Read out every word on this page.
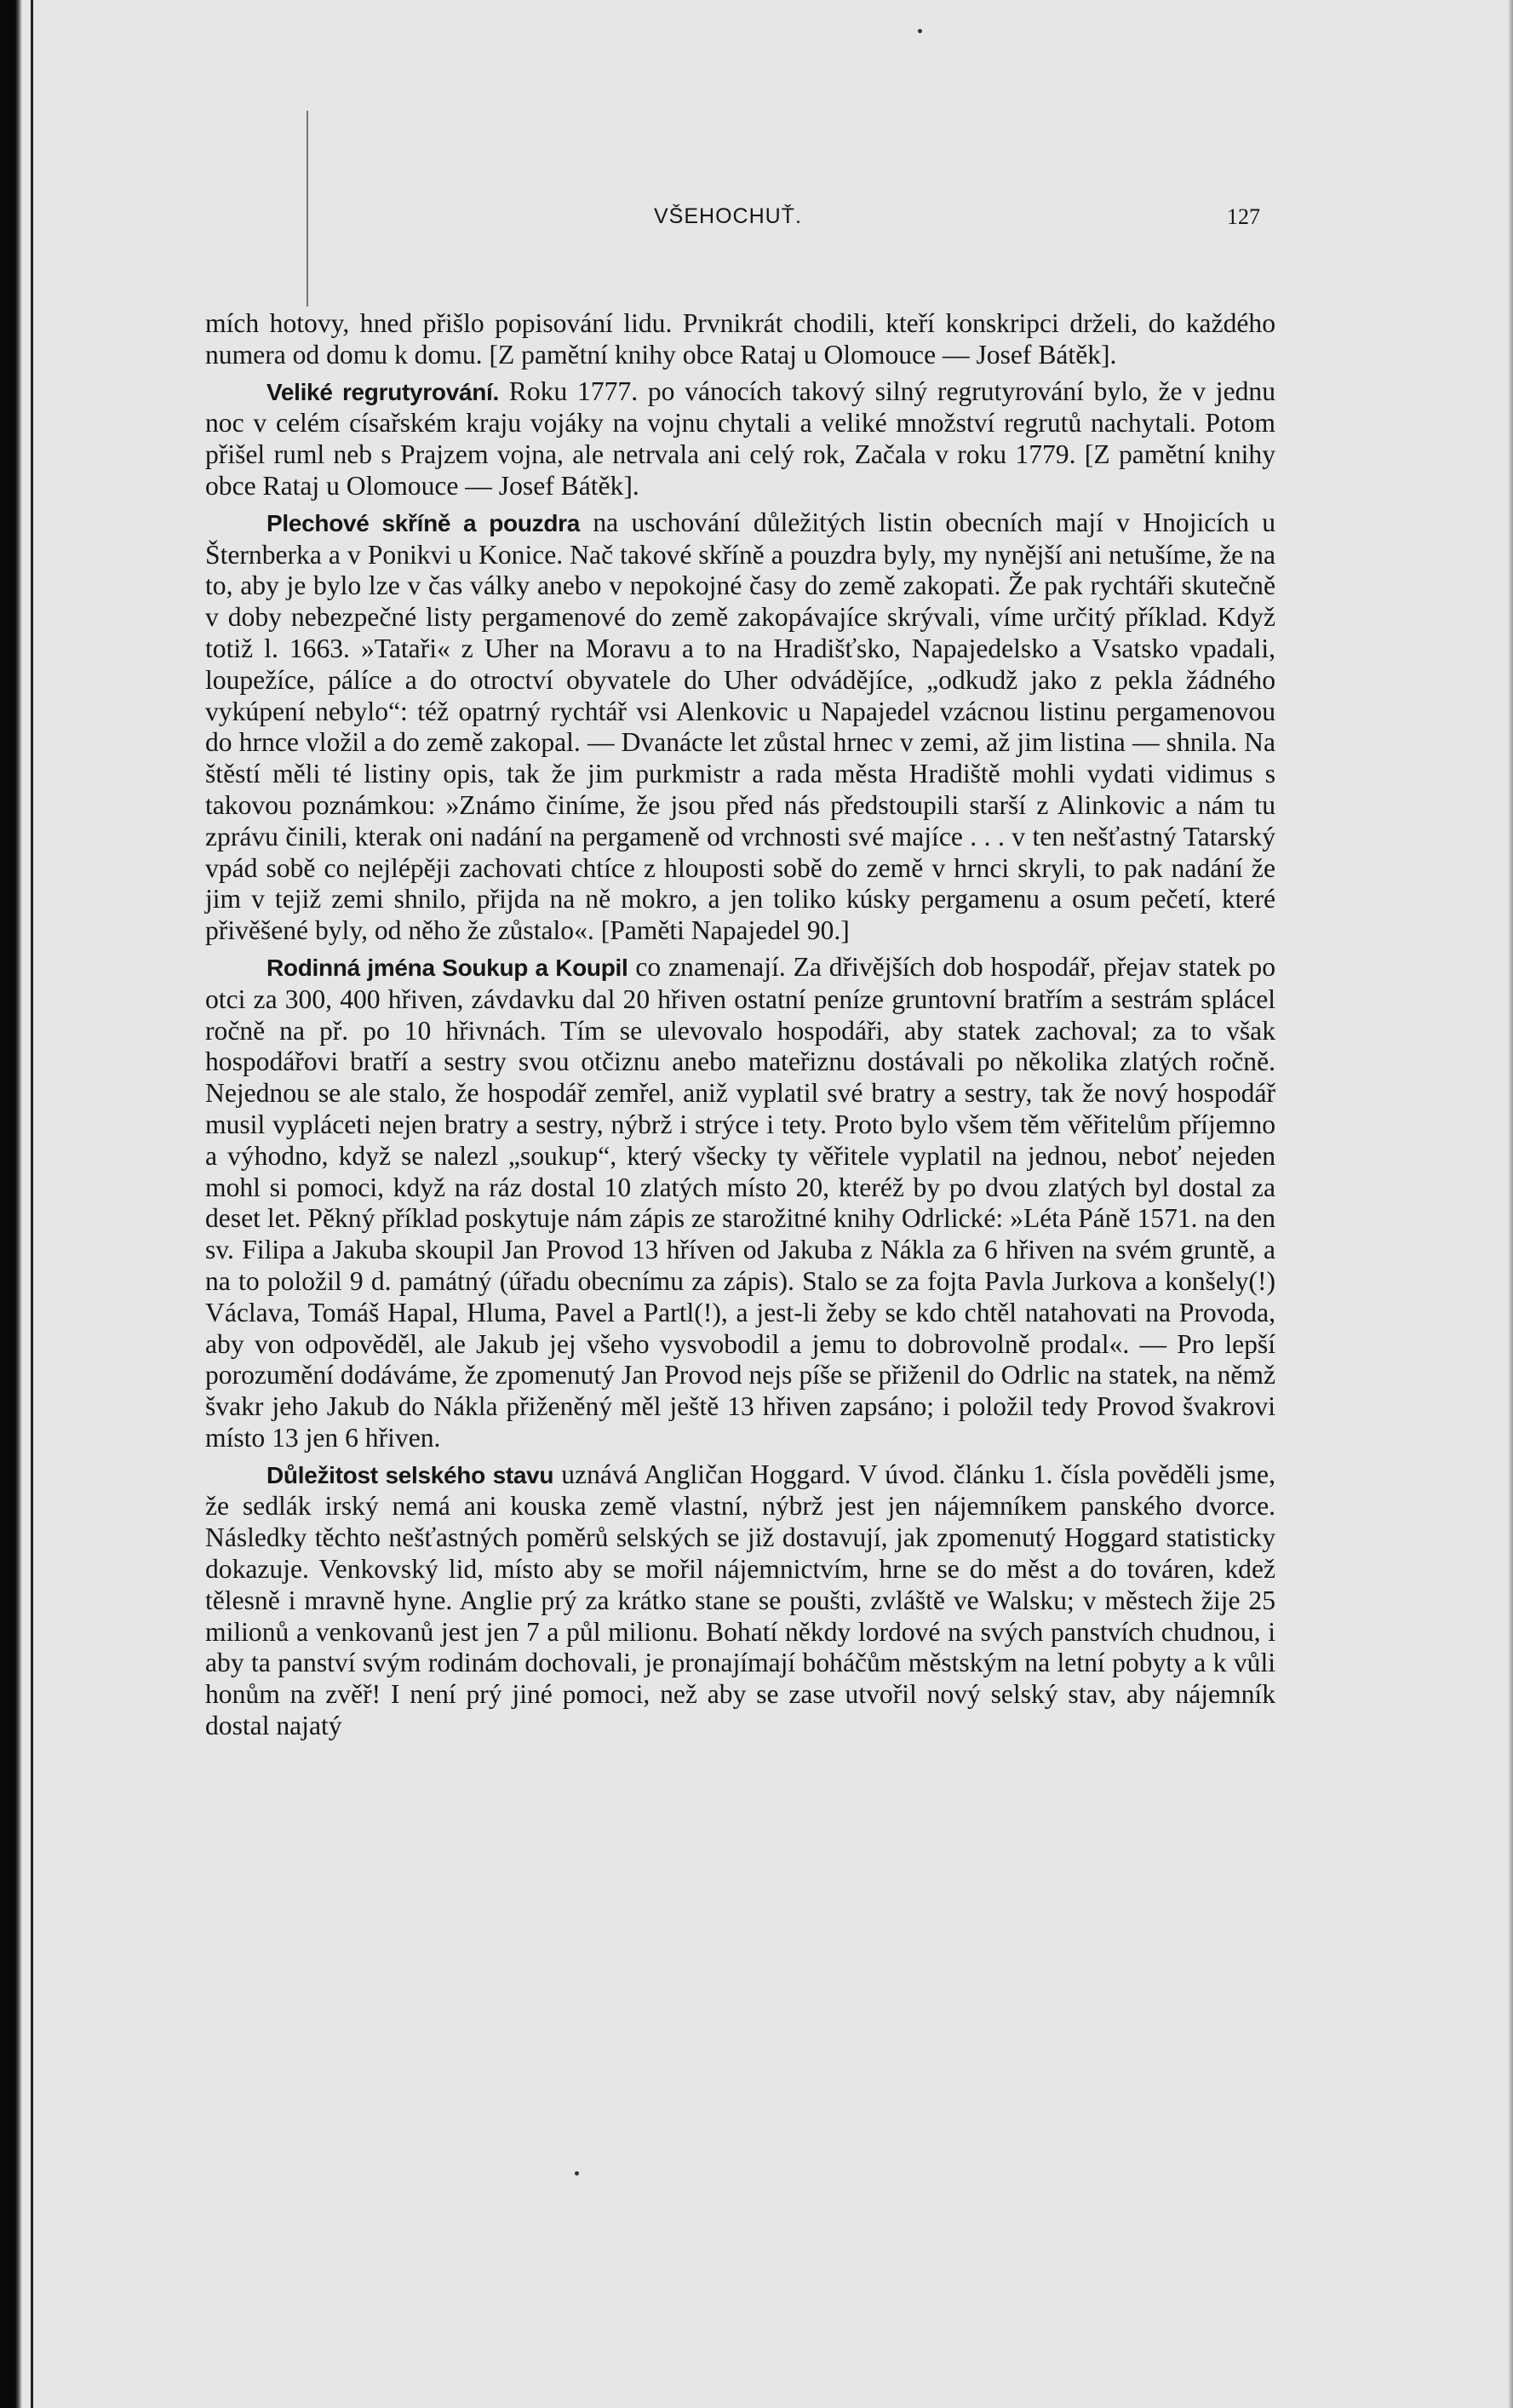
VŠEHOCHUŤ.	127

mích hotovy, hned přišlo popisování lidu. Prvnikrát chodili, kteří konskripci drželi, do každého numera od domu k domu. [Z pamětní knihy obce Rataj u Olomouce — Josef Bátěk].

Veliké regrutyrování. Roku 1777. po vánocích takový silný regrutyrování bylo, že v jednu noc v celém císařském kraju vojáky na vojnu chytali a veliké množství regrutů nachytali. Potom přišel ruml neb s Prajzem vojna, ale netrvala ani celý rok, Začala v roku 1779. [Z pamětní knihy obce Rataj u Olomouce — Josef Bátěk].

Plechové skříně a pouzdra na uschování důležitých listin obecních mají v Hnojicích u Šternberka a v Ponikvi u Konice. Nač takové skříně a pouzdra byly, my nynější ani netušíme, že na to, aby je bylo lze v čas války anebo v nepokojné časy do země zakopati. Že pak rychtáři skutečně v doby nebezpečné listy pergamenové do země zakopávajíce skrývali, víme určitý příklad. Když totiž l. 1663. »Tataři« z Uher na Moravu a to na Hradišťsko, Napajedelsko a Vsatsko vpadali, loupežíce, pálíce a do otroctví obyvatele do Uher odvádějíce, „odkudž jako z pekla žádného vykúpení nebylo“: též opatrný rychtář vsi Alenkovic u Napajedel vzácnou listinu pergamenovou do hrnce vložil a do země zakopal. — Dvanácte let zůstal hrnec v zemi, až jim listina — shnila. Na štěstí měli té listiny opis, tak že jim purkmistr a rada města Hradiště mohli vydati vidimus s takovou poznámkou: »Známo činíme, že jsou před nás předstoupili starší z Alinkovic a nám tu zprávu činili, kterak oni nadání na pergameně od vrchnosti své majíce . . . v ten nešťastný Tatarský vpád sobě co nejlépěji zachovati chtíce z hlouposti sobě do země v hrnci skryli, to pak nadání že jim v tejiž zemi shnilo, přijda na ně mokro, a jen toliko kúsky pergamenu a osum pečetí, které přivěšené byly, od něho že zůstalo«. [Paměti Napajedel 90.]

Rodinná jména Soukup a Koupil co znamenají. Za dřivějších dob hospodář, přejav statek po otci za 300, 400 hřiven, závdavku dal 20 hřiven ostatní peníze gruntovní bratřím a sestrám splácel ročně na př. po 10 hřivnách. Tím se ulevovalo hospodáři, aby statek zachoval; za to však hospodářovi bratří a sestry svou otčiznu anebo mateřiznu dostávali po několika zlatých ročně. Nejednou se ale stalo, že hospodář zemřel, aniž vyplatil své bratry a sestry, tak že nový hospodář musil vypláceti nejen bratry a sestry, nýbrž i strýce i tety. Proto bylo všem těm věřitelům příjemno a výhodno, když se nalezl „soukup“, který všecky ty věřitele vyplatil na jednou, neboť nejeden mohl si pomoci, když na ráz dostal 10 zlatých místo 20, kteréž by po dvou zlatých byl dostal za deset let. Pěkný příklad poskytuje nám zápis ze starožitné knihy Odrlické: »Léta Páně 1571. na den sv. Filipa a Jakuba skoupil Jan Provod 13 hříven od Jakuba z Nákla za 6 hřiven na svém gruntě, a na to položil 9 d. památný (úřadu obecnímu za zápis). Stalo se za fojta Pavla Jurkova a konšely(!) Václava, Tomáš Hapal, Hluma, Pavel a Partl(!), a jest-li žeby se kdo chtěl natahovati na Provoda, aby von odpověděl, ale Jakub jej všeho vysvobodil a jemu to dobrovolně prodal«. — Pro lepší porozumění dodáváme, že zpomenutý Jan Provod nejs píše se přiženil do Odrlic na statek, na němž švakr jeho Jakub do Nákla přiženěný měl ještě 13 hřiven zapsáno; i položil tedy Provod švakrovi místo 13 jen 6 hřiven.

Důležitost selského stavu uznává Angličan Hoggard. V úvod. článku 1. čísla pověděli jsme, že sedlák irský nemá ani kouska země vlastní, nýbrž jest jen nájemníkem panského dvorce. Následky těchto nešťastných poměrů selských se již dostavují, jak zpomenutý Hoggard statisticky dokazuje. Venkovský lid, místo aby se mořil nájemnictvím, hrne se do měst a do továren, kdež tělesně i mravně hyne. Anglie prý za krátko stane se poušti, zvláště ve Walsku; v městech žije 25 milionů a venkovanů jest jen 7 a půl milionu. Bohatí někdy lordové na svých panstvích chudnou, i aby ta panství svým rodinám dochovali, je pronajímají boháčům městským na letní pobyty a k vůli honům na zvěř! I není prý jiné pomoci, než aby se zase utvořil nový selský stav, aby nájemník dostal najatý
